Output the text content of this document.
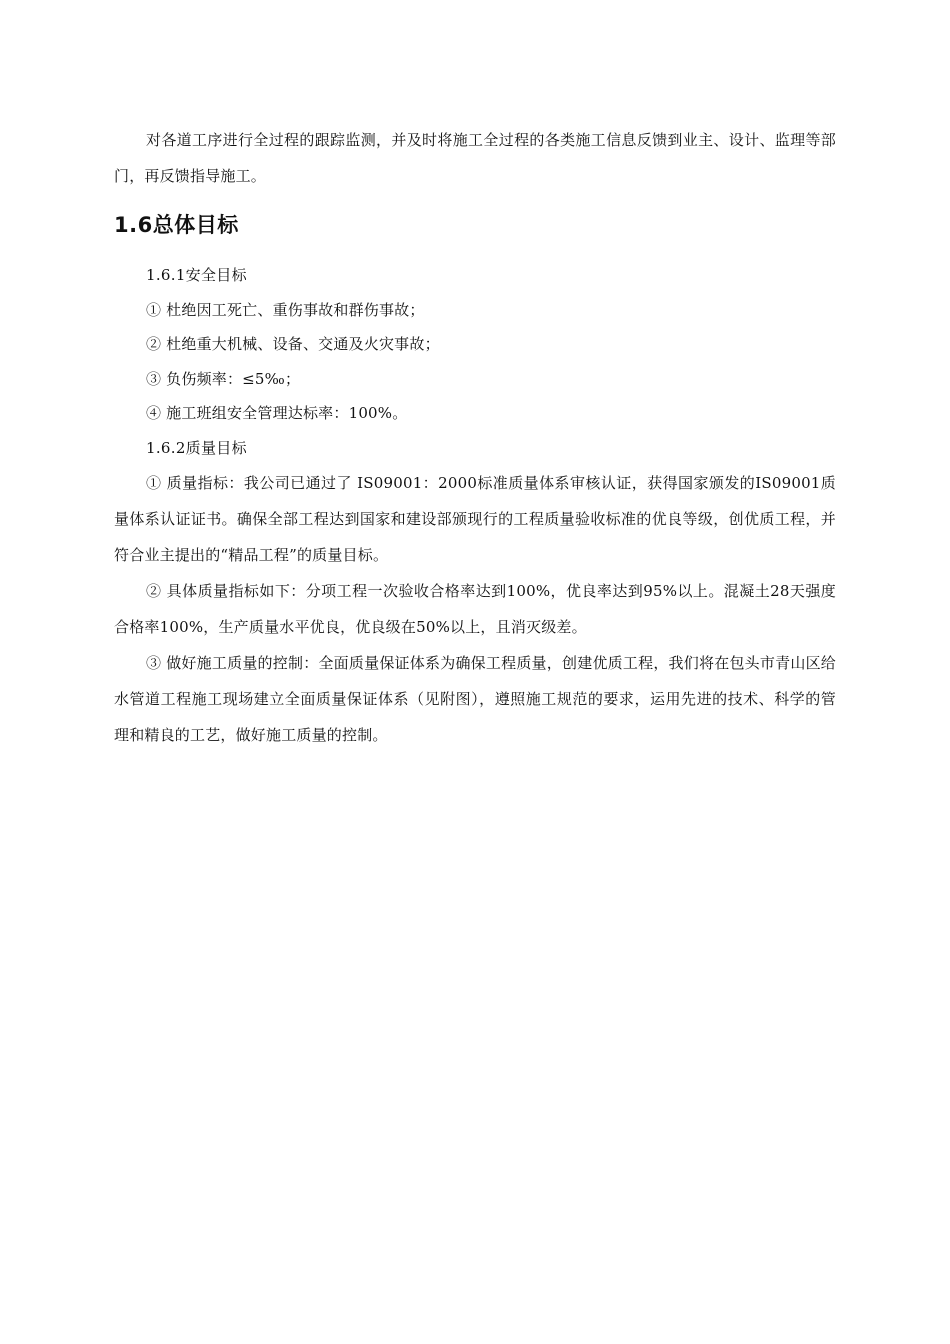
对各道工序进行全过程的跟踪监测，并及时将施工全过程的各类施工信息反馈到业主、设计、监理等部门，再反馈指导施工。

1.6总体目标

1.6.1安全目标

① 杜绝因工死亡、重伤事故和群伤事故；

② 杜绝重大机械、设备、交通及火灾事故；

③ 负伤频率：≤5‰；

④ 施工班组安全管理达标率：100%。

1.6.2质量目标

① 质量指标：我公司已通过了 IS09001：2000标准质量体系审核认证，获得国家颁发的IS09001质量体系认证证书。确保全部工程达到国家和建设部颁现行的工程质量验收标准的优良等级，创优质工程，并符合业主提出的“精品工程”的质量目标。

② 具体质量指标如下：分项工程一次验收合格率达到100%，优良率达到95%以上。混凝土28天强度合格率100%，生产质量水平优良，优良级在50%以上，且消灭级差。

③ 做好施工质量的控制：全面质量保证体系为确保工程质量，创建优质工程，我们将在包头市青山区给水管道工程施工现场建立全面质量保证体系（见附图），遵照施工规范的要求，运用先进的技术、科学的管理和精良的工艺，做好施工质量的控制。
